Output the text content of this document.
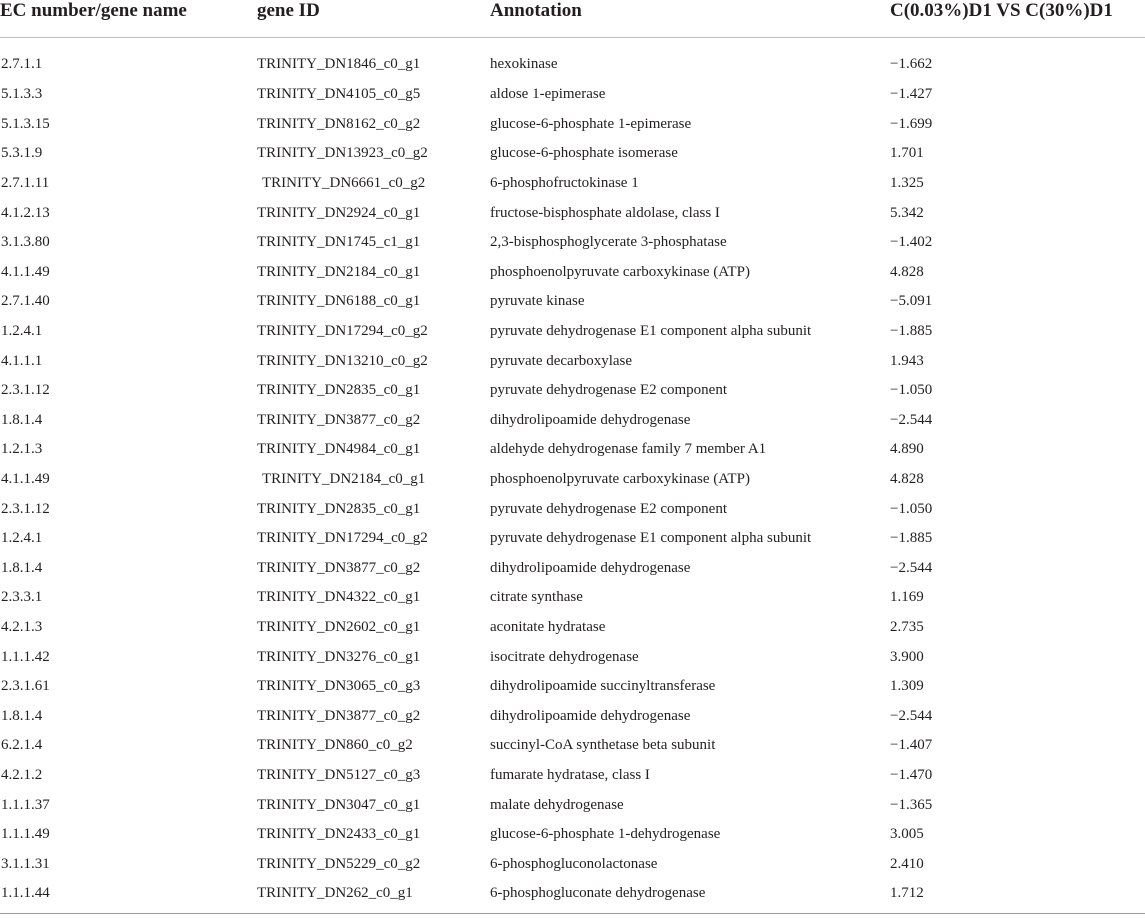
EC number/gene name	gene ID	Annotation	C(0.03%)D1 VS C(30%)D1
2.7.1.1	TRINITY_DN1846_c0_g1	hexokinase	−1.662
5.1.3.3	TRINITY_DN4105_c0_g5	aldose 1-epimerase	−1.427
5.1.3.15	TRINITY_DN8162_c0_g2	glucose-6-phosphate 1-epimerase	−1.699
5.3.1.9	TRINITY_DN13923_c0_g2	glucose-6-phosphate isomerase	1.701
2.7.1.11	TRINITY_DN6661_c0_g2	6-phosphofructokinase 1	1.325
4.1.2.13	TRINITY_DN2924_c0_g1	fructose-bisphosphate aldolase, class I	5.342
3.1.3.80	TRINITY_DN1745_c1_g1	2,3-bisphosphoglycerate 3-phosphatase	−1.402
4.1.1.49	TRINITY_DN2184_c0_g1	phosphoenolpyruvate carboxykinase (ATP)	4.828
2.7.1.40	TRINITY_DN6188_c0_g1	pyruvate kinase	−5.091
1.2.4.1	TRINITY_DN17294_c0_g2	pyruvate dehydrogenase E1 component alpha subunit	−1.885
4.1.1.1	TRINITY_DN13210_c0_g2	pyruvate decarboxylase	1.943
2.3.1.12	TRINITY_DN2835_c0_g1	pyruvate dehydrogenase E2 component	−1.050
1.8.1.4	TRINITY_DN3877_c0_g2	dihydrolipoamide dehydrogenase	−2.544
1.2.1.3	TRINITY_DN4984_c0_g1	aldehyde dehydrogenase family 7 member A1	4.890
4.1.1.49	TRINITY_DN2184_c0_g1	phosphoenolpyruvate carboxykinase (ATP)	4.828
2.3.1.12	TRINITY_DN2835_c0_g1	pyruvate dehydrogenase E2 component	−1.050
1.2.4.1	TRINITY_DN17294_c0_g2	pyruvate dehydrogenase E1 component alpha subunit	−1.885
1.8.1.4	TRINITY_DN3877_c0_g2	dihydrolipoamide dehydrogenase	−2.544
2.3.3.1	TRINITY_DN4322_c0_g1	citrate synthase	1.169
4.2.1.3	TRINITY_DN2602_c0_g1	aconitate hydratase	2.735
1.1.1.42	TRINITY_DN3276_c0_g1	isocitrate dehydrogenase	3.900
2.3.1.61	TRINITY_DN3065_c0_g3	dihydrolipoamide succinyltransferase	1.309
1.8.1.4	TRINITY_DN3877_c0_g2	dihydrolipoamide dehydrogenase	−2.544
6.2.1.4	TRINITY_DN860_c0_g2	succinyl-CoA synthetase beta subunit	−1.407
4.2.1.2	TRINITY_DN5127_c0_g3	fumarate hydratase, class I	−1.470
1.1.1.37	TRINITY_DN3047_c0_g1	malate dehydrogenase	−1.365
1.1.1.49	TRINITY_DN2433_c0_g1	glucose-6-phosphate 1-dehydrogenase	3.005
3.1.1.31	TRINITY_DN5229_c0_g2	6-phosphogluconolactonase	2.410
1.1.1.44	TRINITY_DN262_c0_g1	6-phosphogluconate dehydrogenase	1.712
